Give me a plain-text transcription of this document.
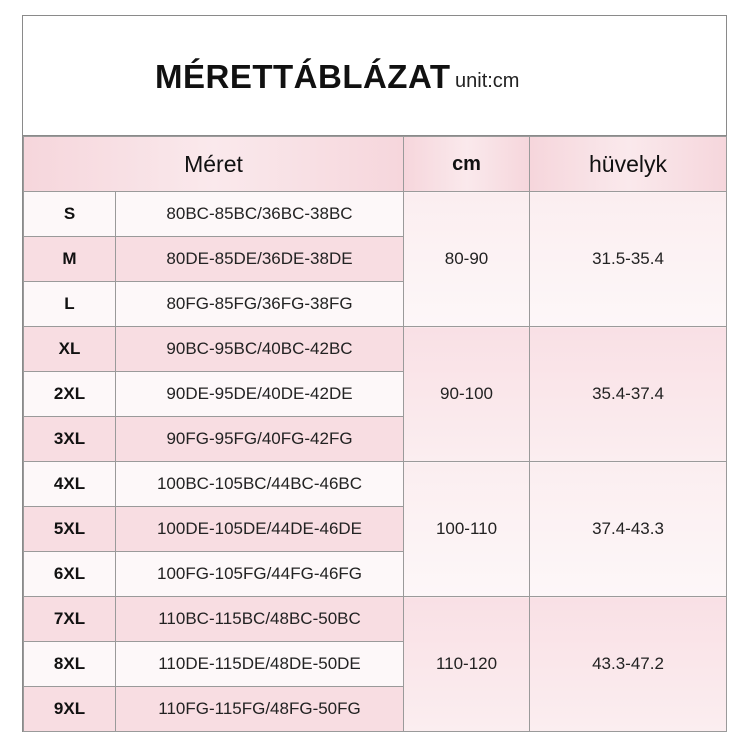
MÉRETTÁBLÁZAT unit:cm
Méret		cm	hüvelyk
S	80BC-85BC/36BC-38BC	80-90	31.5-35.4
M	80DE-85DE/36DE-38DE		
L	80FG-85FG/36FG-38FG		
XL	90BC-95BC/40BC-42BC	90-100	35.4-37.4
2XL	90DE-95DE/40DE-42DE		
3XL	90FG-95FG/40FG-42FG		
4XL	100BC-105BC/44BC-46BC	100-110	37.4-43.3
5XL	100DE-105DE/44DE-46DE		
6XL	100FG-105FG/44FG-46FG		
7XL	110BC-115BC/48BC-50BC	110-120	43.3-47.2
8XL	110DE-115DE/48DE-50DE		
9XL	110FG-115FG/48FG-50FG		
